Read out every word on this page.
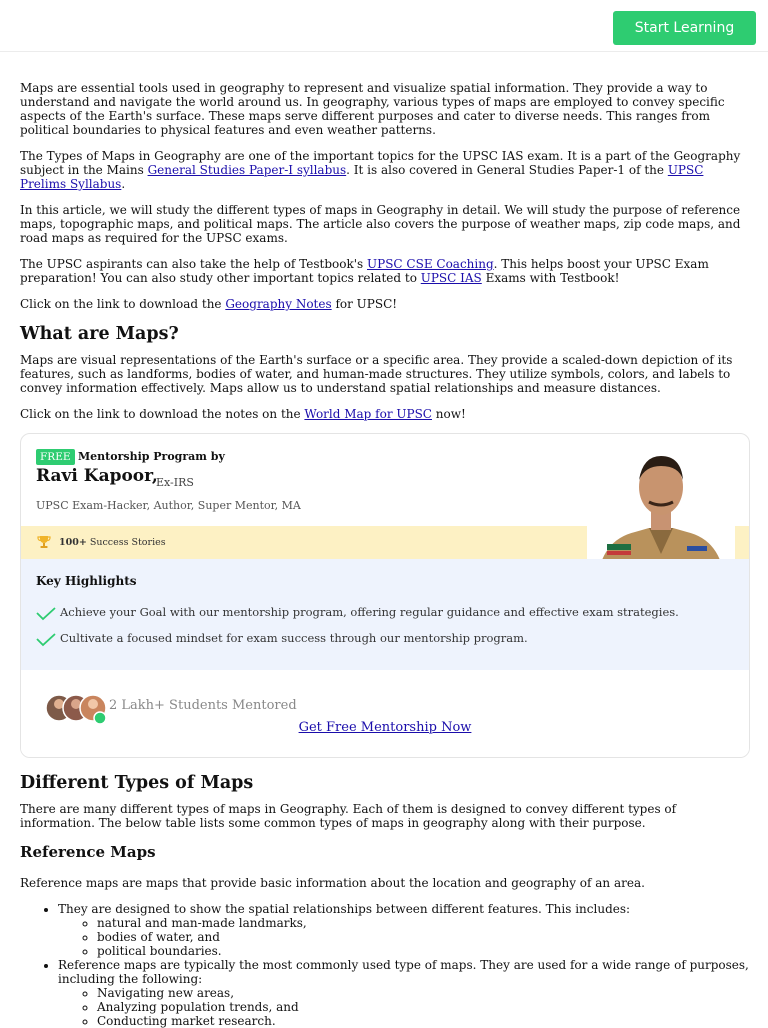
Start Learning

Maps are essential tools used in geography to represent and visualize spatial information. They provide a way to understand and navigate the world around us. In geography, various types of maps are employed to convey specific aspects of the Earth's surface. These maps serve different purposes and cater to diverse needs. This ranges from political boundaries to physical features and even weather patterns.

The Types of Maps in Geography are one of the important topics for the UPSC IAS exam. It is a part of the Geography subject in the Mains General Studies Paper-I syllabus. It is also covered in General Studies Paper-1 of the UPSC Prelims Syllabus.

In this article, we will study the different types of maps in Geography in detail. We will study the purpose of reference maps, topographic maps, and political maps. The article also covers the purpose of weather maps, zip code maps, and road maps as required for the UPSC exams.

The UPSC aspirants can also take the help of Testbook's UPSC CSE Coaching. This helps boost your UPSC Exam preparation! You can also study other important topics related to UPSC IAS Exams with Testbook!

Click on the link to download the Geography Notes for UPSC!

What are Maps?

Maps are visual representations of the Earth's surface or a specific area. They provide a scaled-down depiction of its features, such as landforms, bodies of water, and human-made structures. They utilize symbols, colors, and labels to convey information effectively. Maps allow us to understand spatial relationships and measure distances.

Click on the link to download the notes on the World Map for UPSC now!

FREE Mentorship Program by
Ravi Kapoor,
Ex-IRS
UPSC Exam-Hacker, Author, Super Mentor, MA
100+ Success Stories
Key Highlights
Achieve your Goal with our mentorship program, offering regular guidance and effective exam strategies.
Cultivate a focused mindset for exam success through our mentorship program.
2 Lakh+ Students Mentored
Get Free Mentorship Now
Different Types of Maps

There are many different types of maps in Geography. Each of them is designed to convey different types of information. The below table lists some common types of maps in geography along with their purpose.

Reference Maps

Reference maps are maps that provide basic information about the location and geography of an area.

• They are designed to show the spatial relationships between different features. This includes:
◦ natural and man-made landmarks,
◦ bodies of water, and
◦ political boundaries.
• Reference maps are typically the most commonly used type of maps. They are used for a wide range of purposes, including the following:
◦ Navigating new areas,
◦ Analyzing population trends, and
◦ Conducting market research.
